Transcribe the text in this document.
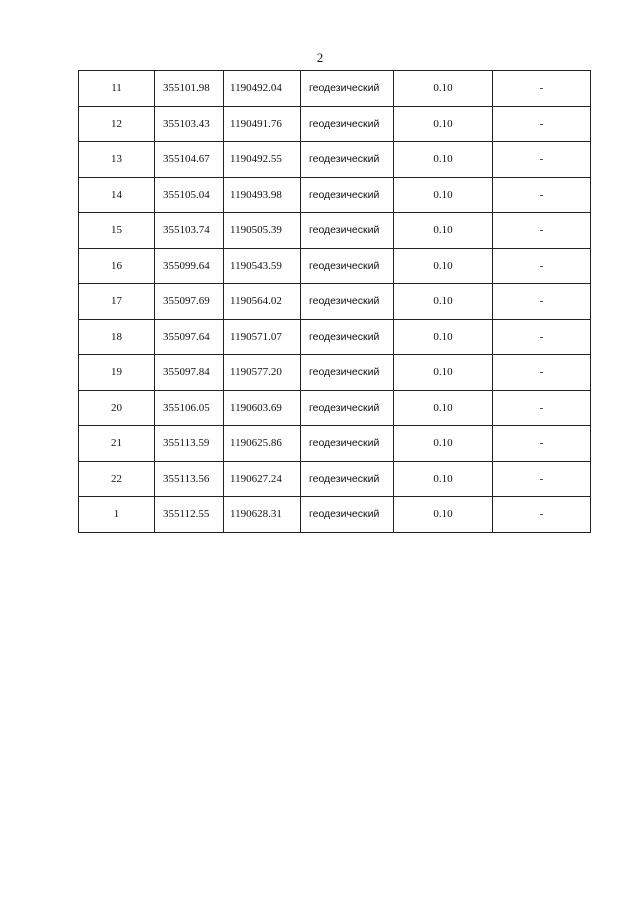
2
11	355101.98	1190492.04	геодезический	0.10	-
12	355103.43	1190491.76	геодезический	0.10	-
13	355104.67	1190492.55	геодезический	0.10	-
14	355105.04	1190493.98	геодезический	0.10	-
15	355103.74	1190505.39	геодезический	0.10	-
16	355099.64	1190543.59	геодезический	0.10	-
17	355097.69	1190564.02	геодезический	0.10	-
18	355097.64	1190571.07	геодезический	0.10	-
19	355097.84	1190577.20	геодезический	0.10	-
20	355106.05	1190603.69	геодезический	0.10	-
21	355113.59	1190625.86	геодезический	0.10	-
22	355113.56	1190627.24	геодезический	0.10	-
1	355112.55	1190628.31	геодезический	0.10	-
